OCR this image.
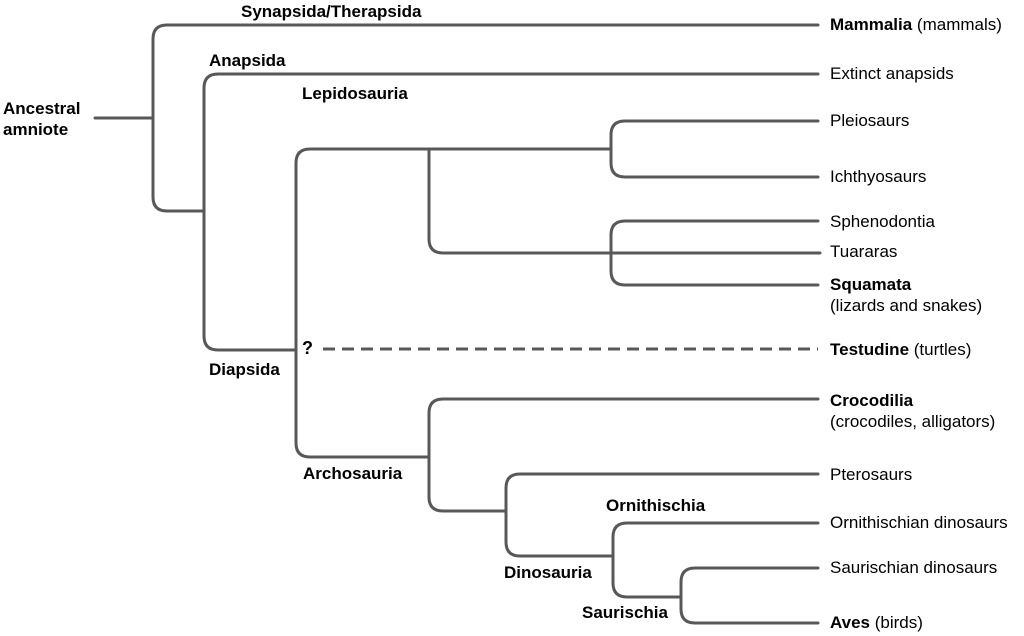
Ancestral
amniote
Synapsida/Therapsida
Anapsida
Lepidosauria
Diapsida
?
Archosauria
Ornithischia
Dinosauria
Saurischia
Mammalia (mammals)
Extinct anapsids
Pleiosaurs
Ichthyosaurs
Sphenodontia
Tuararas
Squamata
(lizards and snakes)
Testudine (turtles)
Crocodilia
(crocodiles, alligators)
Pterosaurs
Ornithischian dinosaurs
Saurischian dinosaurs
Aves (birds)
